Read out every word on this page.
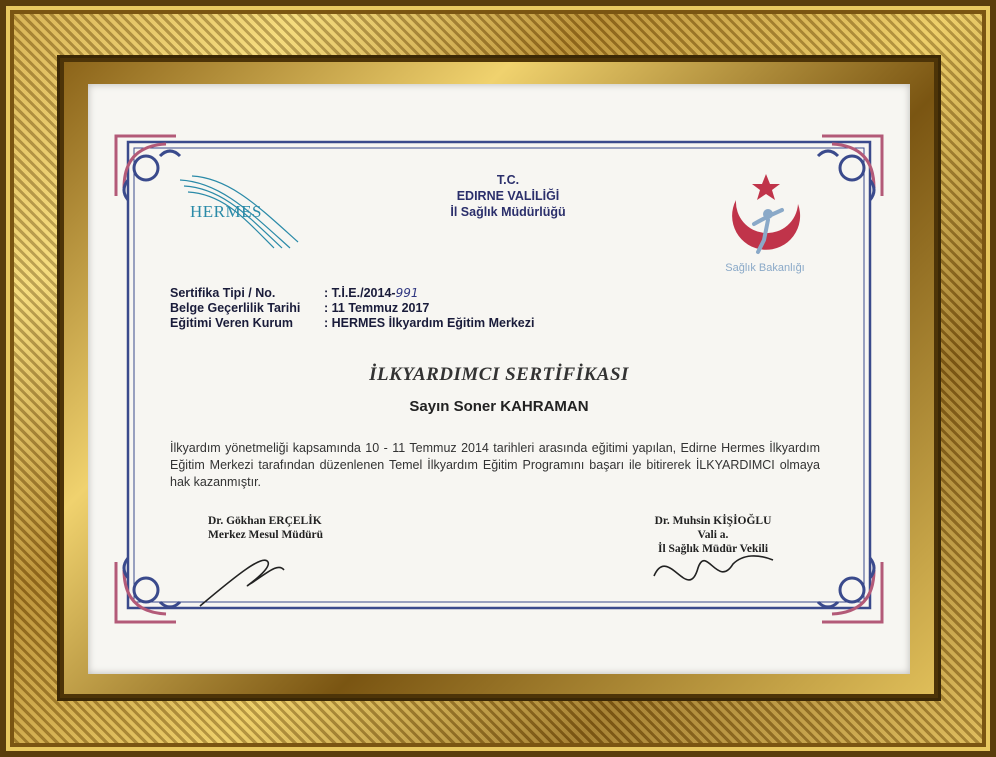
HERMES
T.C.
EDIRNE VALİLİĞİ
İl Sağlık Müdürlüğü
Sağlık Bakanlığı
Sertifika Tipi / No.	: T.İ.E./2014- 991
Belge Geçerlilik Tarihi	: 11 Temmuz 2017
Eğitimi Veren Kurum	: HERMES İlkyardım Eğitim Merkezi
İLKYARDIMCI SERTİFİKASI
Sayın Soner KAHRAMAN
İlkyardım yönetmeliği kapsamında 10 - 11 Temmuz 2014 tarihleri arasında eğitimi yapılan, Edirne Hermes İlkyardım Eğitim Merkezi tarafından düzenlenen Temel İlkyardım Eğitim Programını başarı ile bitirerek İLKYARDIMCI olmaya hak kazanmıştır.
Dr. Gökhan ERÇELİK
Merkez Mesul Müdürü
Dr. Muhsin KİŞİOĞLU
Vali a.
İl Sağlık Müdür Vekili
